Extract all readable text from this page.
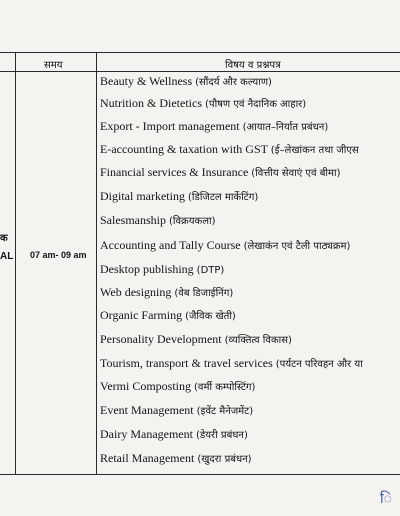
समय	विषय व प्रश्नपत्र
क
AL 07 am- 09 am
Beauty & Wellness (सौंदर्य और कल्याण)
Nutrition & Dietetics (पौषण एवं नैदानिक आहार)
Export - Import management (आयात–निर्यात प्रबंधन)
E-accounting & taxation with GST (ई–लेखांकन तथा जीएस
Financial services & Insurance (वित्तीय सेवाएं एवं बीमा)
Digital marketing (डिजिटल मार्केटिंग)
Salesmanship (विक्रयकला)
Accounting and Tally Course (लेखाकंन एवं टैली पाठ्यक्रम)
Desktop publishing (DTP)
Web designing (वेब डिजाईनिंग)
Organic Farming (जैविक खेती)
Personality Development (व्यक्तित्व विकास)
Tourism, transport & travel services (पर्यटन परिवहन और या
Vermi Composting (वर्मी कम्पोस्टिंग)
Event Management (इवेंट मैनेजमेंट)
Dairy Management (डेयरी प्रबंधन)
Retail Management (खुदरा प्रबंधन)
ि
